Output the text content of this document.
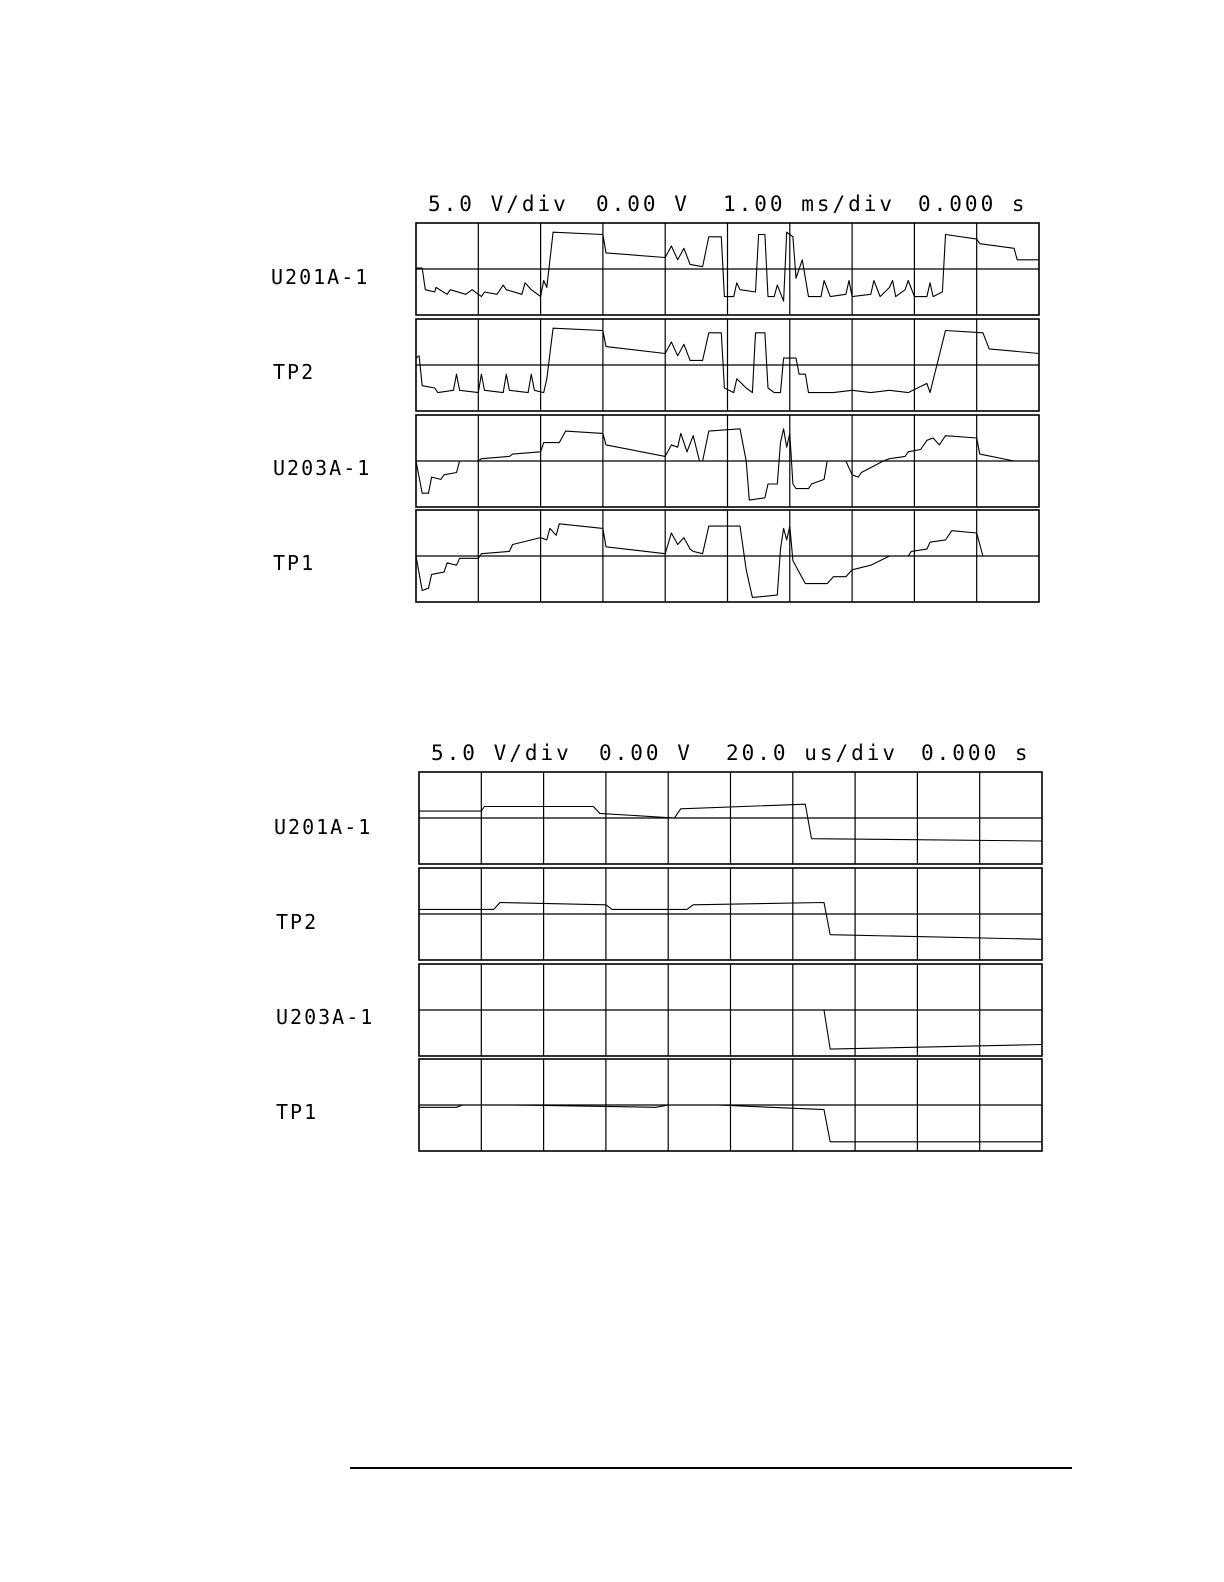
5.0 V/div

0.00 V

1.00 ms/div

0.000 s

U201A-1
TP2
U203A-1
TP1

5.0 V/div

0.00 V

20.0 us/div

0.000 s

U201A-1
TP2
U203A-1
TP1
